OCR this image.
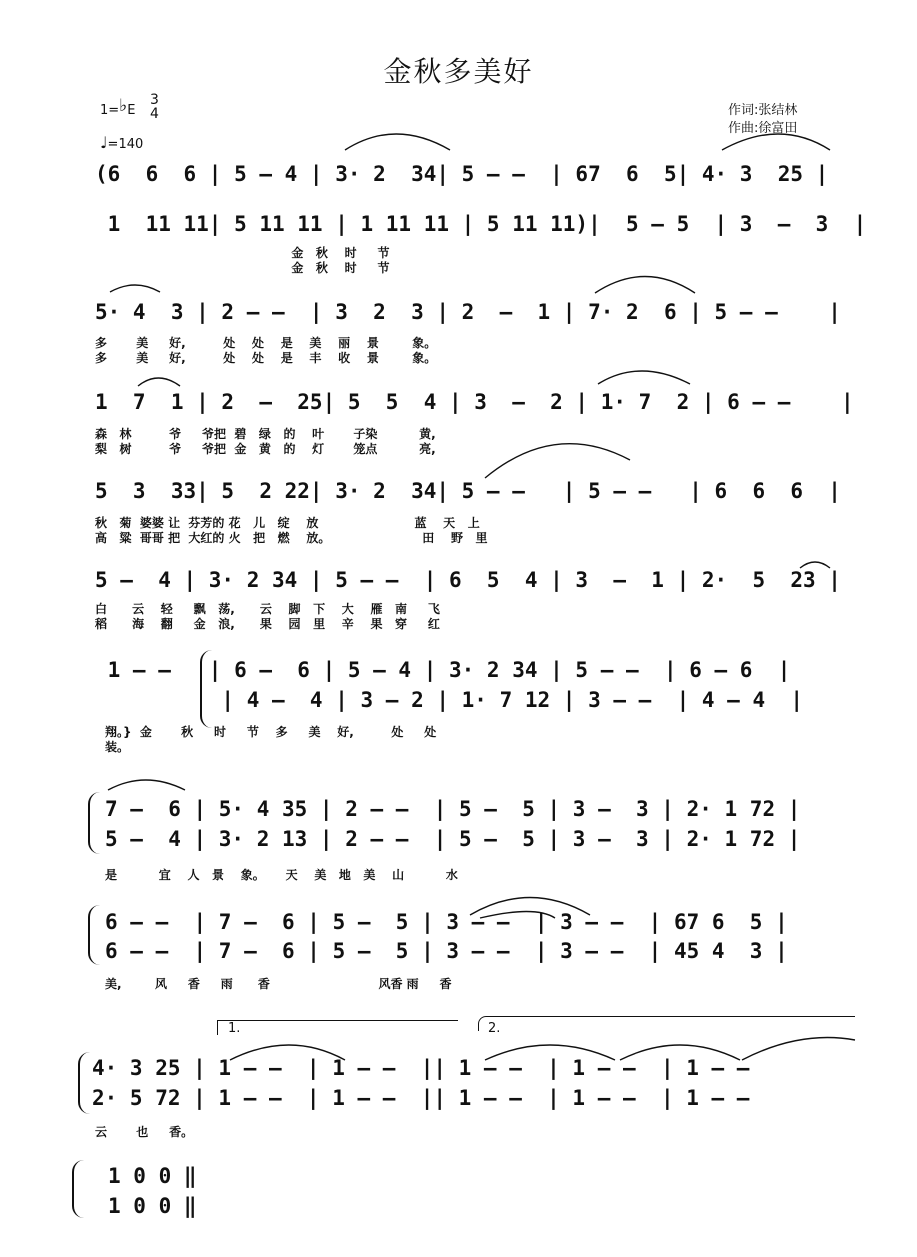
金秋多美好
1=♭E
3
4
♩=140
作词:张结林
作曲:徐富田
(6  6  6 | 5 – 4 | 3· 2  34| 5 – –  | 67  6  5| 4· 3  25 |
1  11 11| 5 11 11 | 1 11 11 | 5 11 11)|  5 – 5  | 3  –  3  |
金   秋    时     节
金   秋    时     节
5· 4  3 | 2 – –  | 3  2  3 | 2  –  1 | 7· 2  6 | 5 – –    |
多       美     好,         处    处    是    美    丽    景        象。
多       美     好,         处    处    是    丰    收    景        象。
1  7  1 | 2  –  25| 5  5  4 | 3  –  2 | 1· 7  2 | 6 – –    |
森   林         爷     爷把  碧   绿   的    叶       子染          黄,
梨   树         爷     爷把  金   黄   的    灯       笼点          亮,
5  3  33| 5  2 22| 3· 2  34| 5 – –   | 5 – –   | 6  6  6  |
秋   菊  婆婆 让  芬芳的 花   儿   绽    放                       蓝    天   上
高   粱  哥哥 把  大红的 火   把   燃    放。                      田    野   里
5 –  4 | 3· 2 34 | 5 – –  | 6  5  4 | 3  –  1 | 2·  5  23 |
白      云    轻     飘   荡,      云    脚   下    大    雁   南     飞
稻      海    翻     金   浪,      果    园   里    辛    果   穿     红
1 – –   | 6 –  6 | 5 – 4 | 3· 2 34 | 5 – –  | 6 – 6  |
| 4 –  4 | 3 – 2 | 1· 7 12 | 3 – –  | 4 – 4  |
翔。}  金       秋     时     节    多     美    好,         处     处
装。
7 –  6 | 5· 4 35 | 2 – –  | 5 –  5 | 3 –  3 | 2· 1 72 |
5 –  4 | 3· 2 13 | 2 – –  | 5 –  5 | 3 –  3 | 2· 1 72 |
是          宜    人   景    象。     天    美   地   美    山          水
6 – –  | 7 –  6 | 5 –  5 | 3 – –  | 3 – –  | 67 6  5 |
6 – –  | 7 –  6 | 5 –  5 | 3 – –  | 3 – –  | 45 4  3 |
美,        风     香     雨      香                          风香 雨     香
1.	2.
4· 3 25 | 1 – –  | 1 – –  || 1 – –  | 1 – –  | 1 – –
2· 5 72 | 1 – –  | 1 – –  || 1 – –  | 1 – –  | 1 – –
云       也     香。
1 0 0 ‖
1 0 0 ‖
